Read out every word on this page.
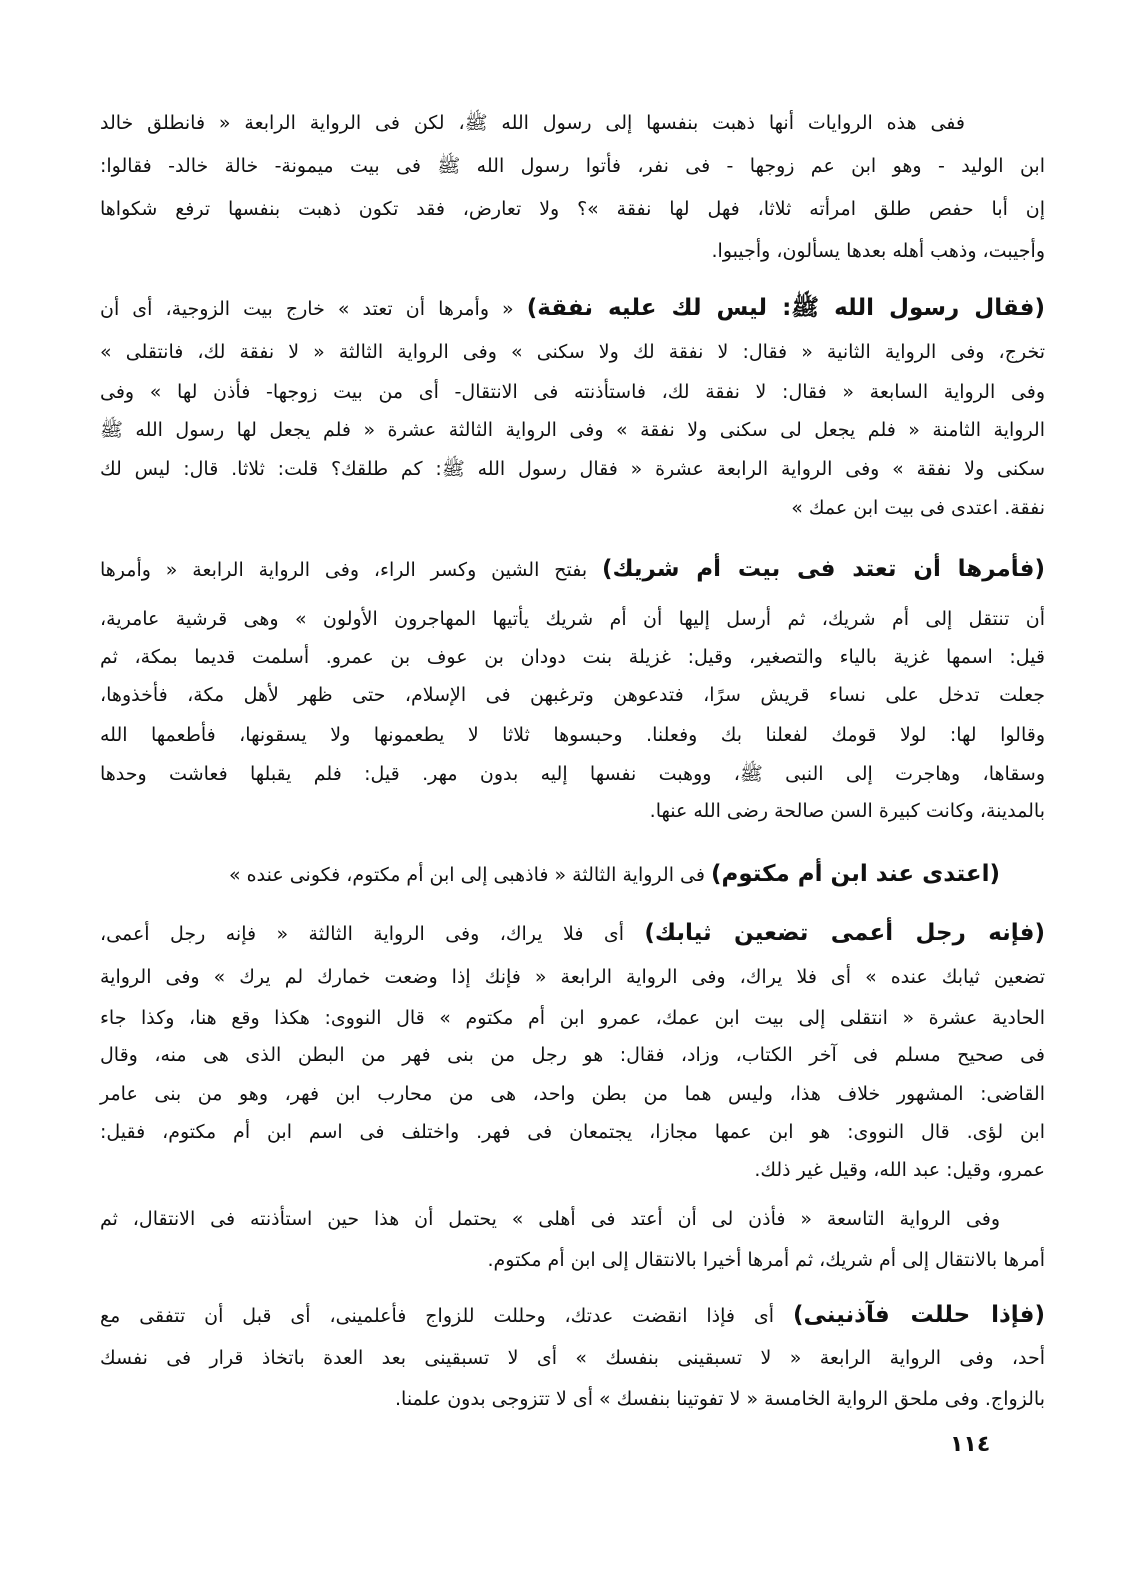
ففى هذه الروايات أنها ذهبت بنفسها إلى رسول الله ﷺ، لكن فى الرواية الرابعة « فانطلق خالد
ابن الوليد - وهو ابن عم زوجها - فى نفر، فأتوا رسول الله ﷺ فى بيت ميمونة- خالة خالد- فقالوا:
إن أبا حفص طلق امرأته ثلاثا، فهل لها نفقة »؟ ولا تعارض، فقد تكون ذهبت بنفسها ترفع شكواها
وأجيبت، وذهب أهله بعدها يسألون، وأجيبوا.
(فقال رسول الله ﷺ: ليس لك عليه نفقة) « وأمرها أن تعتد » خارج بيت الزوجية، أى أن
تخرج، وفى الرواية الثانية « فقال: لا نفقة لك ولا سكنى » وفى الرواية الثالثة « لا نفقة لك، فانتقلى »
وفى الرواية السابعة « فقال: لا نفقة لك، فاستأذنته فى الانتقال- أى من بيت زوجها- فأذن لها » وفى
الرواية الثامنة « فلم يجعل لى سكنى ولا نفقة » وفى الرواية الثالثة عشرة « فلم يجعل لها رسول الله ﷺ
سكنى ولا نفقة » وفى الرواية الرابعة عشرة « فقال رسول الله ﷺ: كم طلقك؟ قلت: ثلاثا. قال: ليس لك
نفقة. اعتدى فى بيت ابن عمك »
(فأمرها أن تعتد فى بيت أم شريك) بفتح الشين وكسر الراء، وفى الرواية الرابعة « وأمرها
أن تنتقل إلى أم شريك، ثم أرسل إليها أن أم شريك يأتيها المهاجرون الأولون » وهى قرشية عامرية،
قيل: اسمها غزية بالياء والتصغير، وقيل: غزيلة بنت دودان بن عوف بن عمرو. أسلمت قديما بمكة، ثم
جعلت تدخل على نساء قريش سرًا، فتدعوهن وترغبهن فى الإسلام، حتى ظهر لأهل مكة، فأخذوها،
وقالوا لها: لولا قومك لفعلنا بك وفعلنا. وحبسوها ثلاثا لا يطعمونها ولا يسقونها، فأطعمها الله
وسقاها، وهاجرت إلى النبى ﷺ، ووهبت نفسها إليه بدون مهر. قيل: فلم يقبلها فعاشت وحدها
بالمدينة، وكانت كبيرة السن صالحة رضى الله عنها.
(اعتدى عند ابن أم مكتوم) فى الرواية الثالثة « فاذهبى إلى ابن أم مكتوم، فكونى عنده »
(فإنه رجل أعمى تضعين ثيابك) أى فلا يراك، وفى الرواية الثالثة « فإنه رجل أعمى،
تضعين ثيابك عنده » أى فلا يراك، وفى الرواية الرابعة « فإنك إذا وضعت خمارك لم يرك » وفى الرواية
الحادية عشرة « انتقلى إلى بيت ابن عمك، عمرو ابن أم مكتوم » قال النووى: هكذا وقع هنا، وكذا جاء
فى صحيح مسلم فى آخر الكتاب، وزاد، فقال: هو رجل من بنى فهر من البطن الذى هى منه، وقال
القاضى: المشهور خلاف هذا، وليس هما من بطن واحد، هى من محارب ابن فهر، وهو من بنى عامر
ابن لؤى. قال النووى: هو ابن عمها مجازا، يجتمعان فى فهر. واختلف فى اسم ابن أم مكتوم، فقيل:
عمرو، وقيل: عبد الله، وقيل غير ذلك.
وفى الرواية التاسعة « فأذن لى أن أعتد فى أهلى » يحتمل أن هذا حين استأذنته فى الانتقال، ثم
أمرها بالانتقال إلى أم شريك، ثم أمرها أخيرا بالانتقال إلى ابن أم مكتوم.
(فإذا حللت فآذنينى) أى فإذا انقضت عدتك، وحللت للزواج فأعلمينى، أى قبل أن تتفقى مع
أحد، وفى الرواية الرابعة « لا تسبقينى بنفسك » أى لا تسبقينى بعد العدة باتخاذ قرار فى نفسك
بالزواج. وفى ملحق الرواية الخامسة « لا تفوتينا بنفسك » أى لا تتزوجى بدون علمنا.
١١٤
